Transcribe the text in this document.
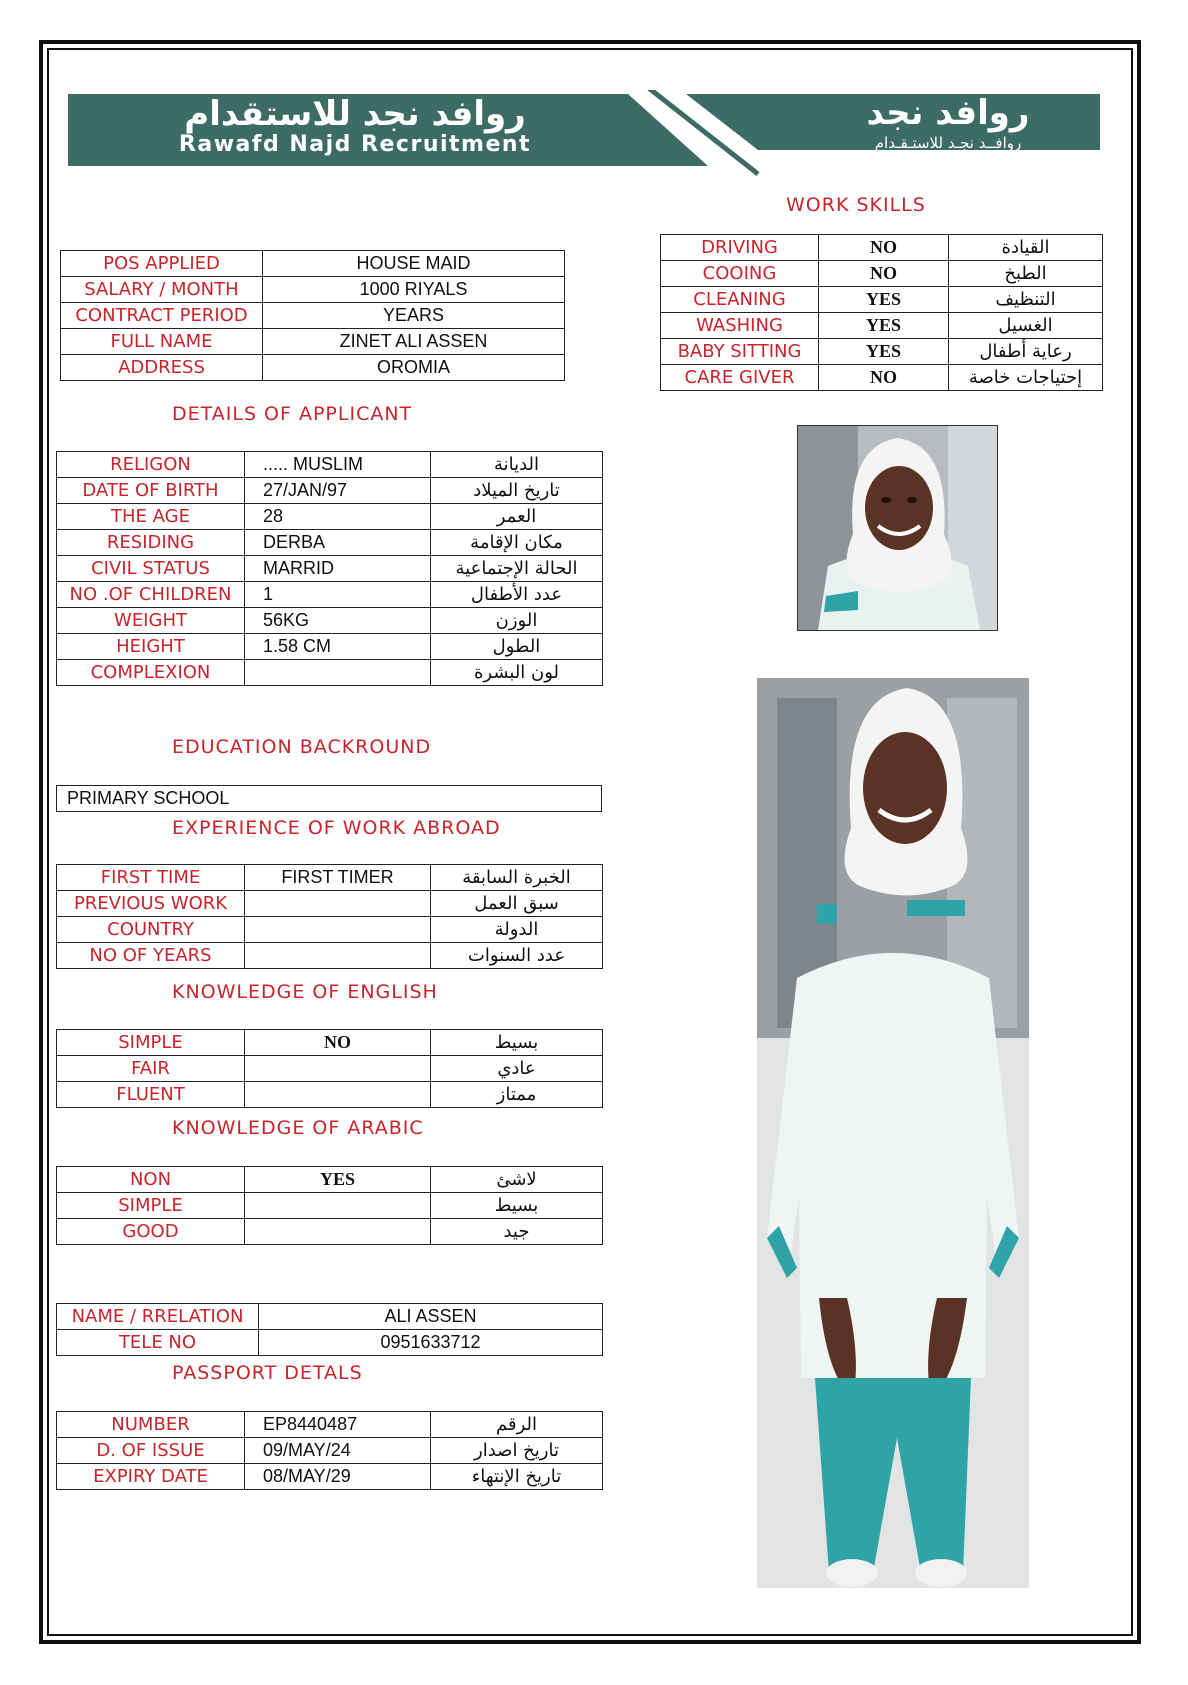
روافد نجد للاستقدام
Rawafd Najd Recruitment
روافد نجد
روافــد نجـد للاستـقـدام
WORK SKILLS
DRIVING	NO	القيادة
COOING	NO	الطبخ
CLEANING	YES	التنظيف
WASHING	YES	الغسيل
BABY SITTING	YES	رعاية أطفال
CARE GIVER	NO	إحتياجات خاصة
POS APPLIED	HOUSE MAID
SALARY / MONTH	1000 RIYALS
CONTRACT PERIOD	YEARS
FULL NAME	ZINET ALI ASSEN
ADDRESS	OROMIA
DETAILS OF APPLICANT
RELIGON	..... MUSLIM	الديانة
DATE OF BIRTH	27/JAN/97	تاريخ الميلاد
THE AGE	28	العمر
RESIDING	DERBA	مكان الإقامة
CIVIL STATUS	MARRID	الحالة الإجتماعية
NO .OF CHILDREN	1	عدد الأطفال
WEIGHT	56KG	الوزن
HEIGHT	1.58 CM	الطول
COMPLEXION		لون البشرة
EDUCATION BACKROUND
PRIMARY SCHOOL
EXPERIENCE OF WORK ABROAD
FIRST TIME	FIRST TIMER	الخبرة السابقة
PREVIOUS WORK		سبق العمل
COUNTRY		الدولة
NO OF YEARS		عدد السنوات
KNOWLEDGE OF ENGLISH
SIMPLE	NO	بسيط
FAIR		عادي
FLUENT		ممتاز
KNOWLEDGE OF ARABIC
NON	YES	لاشئ
SIMPLE		بسيط
GOOD		جيد
NAME / RRELATION	ALI ASSEN
TELE NO	0951633712
PASSPORT DETALS
NUMBER	EP8440487	الرقم
D. OF ISSUE	09/MAY/24	تاريخ اصدار
EXPIRY DATE	08/MAY/29	تاريخ الإنتهاء
